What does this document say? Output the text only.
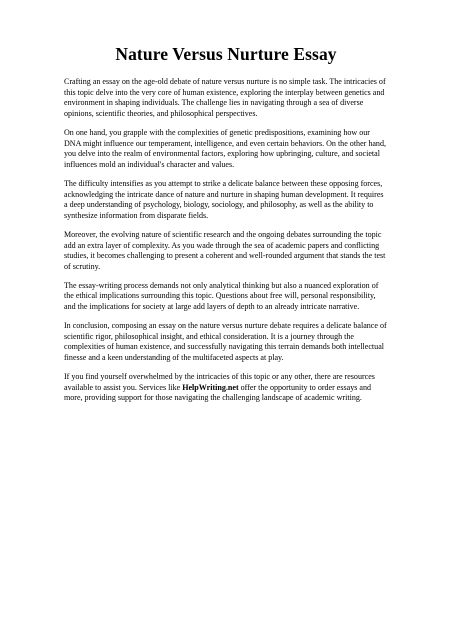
Nature Versus Nurture Essay

Crafting an essay on the age-old debate of nature versus nurture is no simple task. The intricacies of this topic delve into the very core of human existence, exploring the interplay between genetics and environment in shaping individuals. The challenge lies in navigating through a sea of diverse opinions, scientific theories, and philosophical perspectives.

On one hand, you grapple with the complexities of genetic predispositions, examining how our DNA might influence our temperament, intelligence, and even certain behaviors. On the other hand, you delve into the realm of environmental factors, exploring how upbringing, culture, and societal influences mold an individual's character and values.

The difficulty intensifies as you attempt to strike a delicate balance between these opposing forces, acknowledging the intricate dance of nature and nurture in shaping human development. It requires a deep understanding of psychology, biology, sociology, and philosophy, as well as the ability to synthesize information from disparate fields.

Moreover, the evolving nature of scientific research and the ongoing debates surrounding the topic add an extra layer of complexity. As you wade through the sea of academic papers and conflicting studies, it becomes challenging to present a coherent and well-rounded argument that stands the test of scrutiny.

The essay-writing process demands not only analytical thinking but also a nuanced exploration of the ethical implications surrounding this topic. Questions about free will, personal responsibility, and the implications for society at large add layers of depth to an already intricate narrative.

In conclusion, composing an essay on the nature versus nurture debate requires a delicate balance of scientific rigor, philosophical insight, and ethical consideration. It is a journey through the complexities of human existence, and successfully navigating this terrain demands both intellectual finesse and a keen understanding of the multifaceted aspects at play.

If you find yourself overwhelmed by the intricacies of this topic or any other, there are resources available to assist you. Services like HelpWriting.net offer the opportunity to order essays and more, providing support for those navigating the challenging landscape of academic writing.
